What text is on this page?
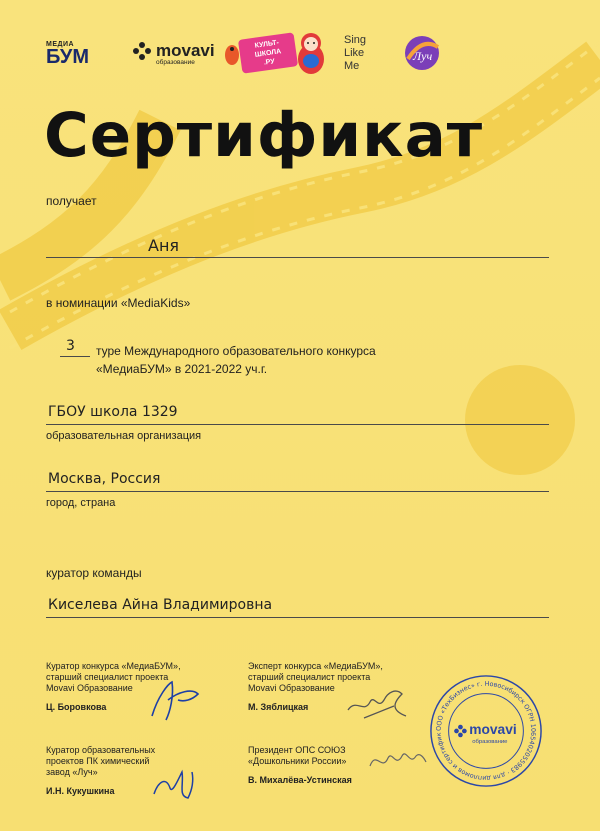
МЕДИА
БУМ	movavi
образование
КУЛЬТ-
ШКОЛА
.РУ
Sing
Like
Me
Луч
Сертификат
получает
Аня
в номинации «MediaKids»
3 туре Международного образовательного конкурса
«МедиаБУМ» в 2021-2022 уч.г.
ГБОУ школа 1329
образовательная организация
Москва, Россия
город, страна
куратор команды
Киселева Айна Владимировна
Куратор конкурса «МедиаБУМ»,
старший специалист проекта
Movavi Образование
Ц. Боровкова
Эксперт конкурса «МедиаБУМ»,
старший специалист проекта
Movavi Образование
М. Зяблицкая
Куратор образовательных
проектов ПК химический
завод «Луч»
И.Н. Кукушкина
Президент ОПС СОЮЗ
«Дошкольники России»
В. Михалёва-Устинская
ООО «ТехБизнес» г. Новосибирск ОГРН 1065402055983 · для дипломов и сертифик	movavi
образование
